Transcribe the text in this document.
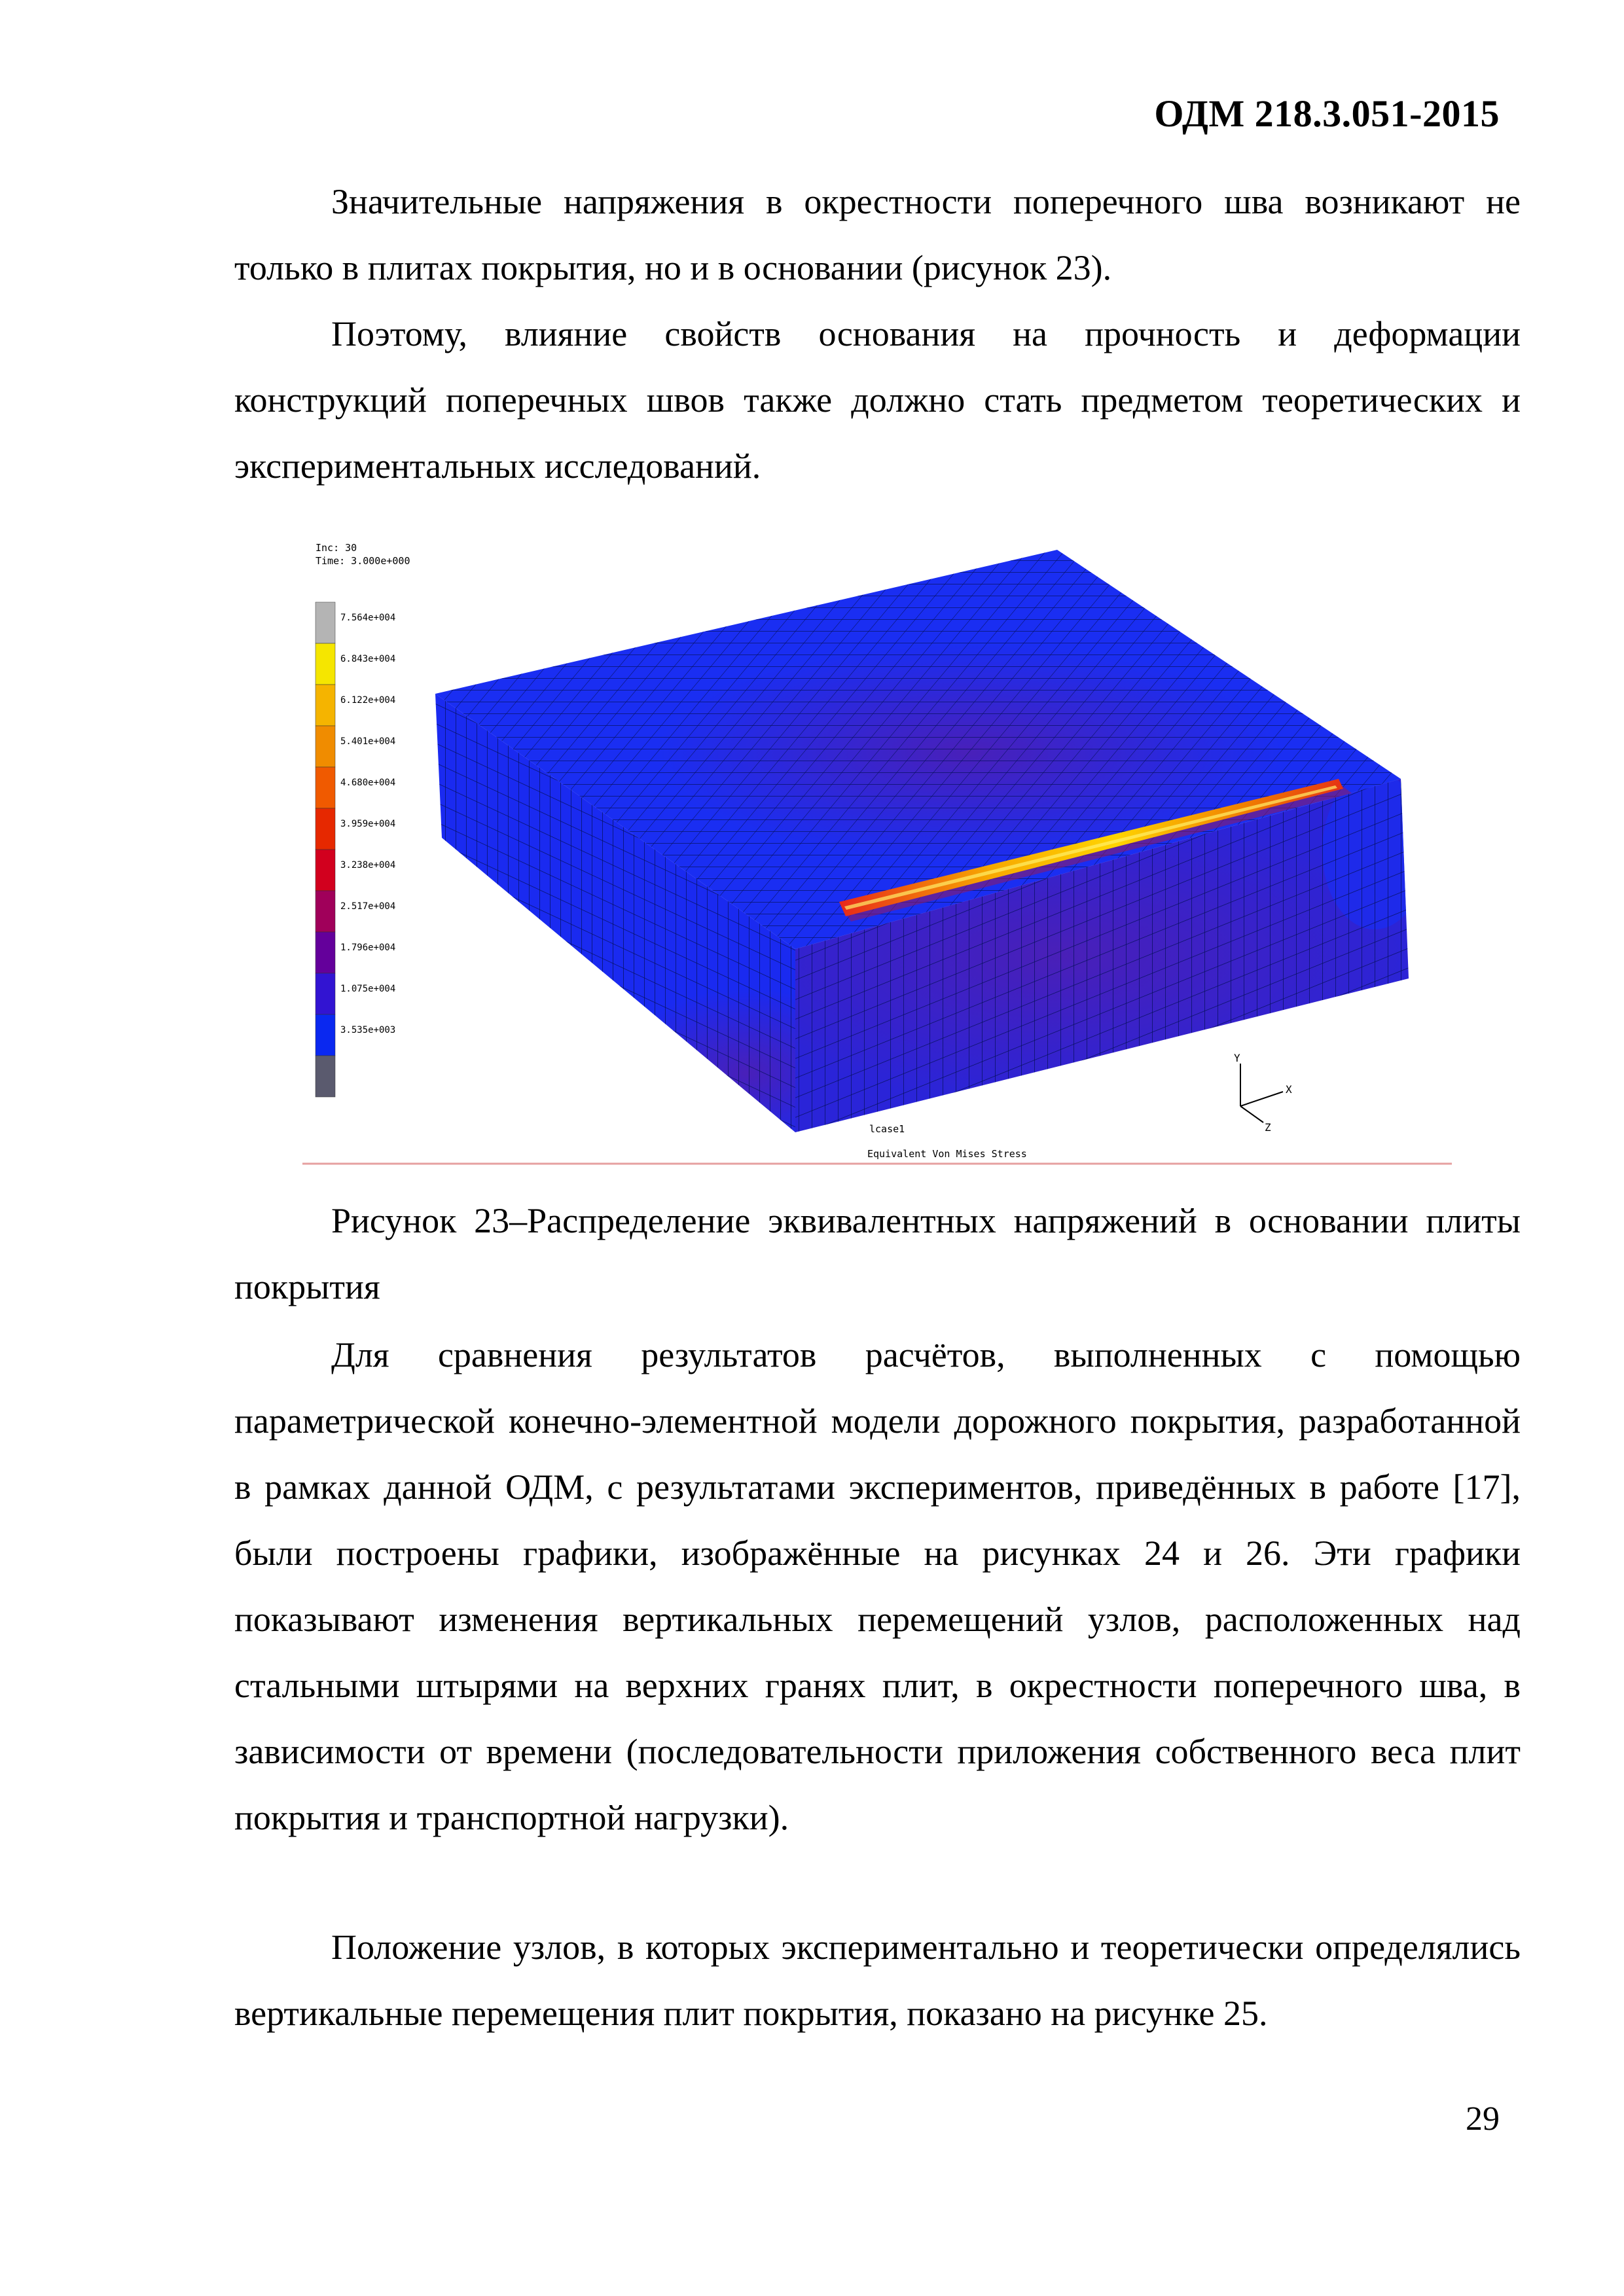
ОДМ 218.3.051-2015
Значительные напряжения в окрестности поперечного шва возникают не только в плитах покрытия, но и в основании (рисунок 23).
Поэтому, влияние свойств основания на прочность и деформации конструкций поперечных швов также должно стать предметом теоретических и экспериментальных исследований.
Inc: 30
Time: 3.000e+000
7.564e+004
6.843e+004
6.122e+004
5.401e+004
4.680e+004
3.959e+004
3.238e+004
2.517e+004
1.796e+004
1.075e+004
3.535e+003
Y
X
Z
lcase1
Equivalent Von Mises Stress
Рисунок 23–Распределение эквивалентных напряжений в основании плиты покрытия
Для сравнения результатов расчётов, выполненных с помощью параметрической конечно-элементной модели дорожного покрытия, разработанной в рамках данной ОДМ, с результатами экспериментов, приведённых в работе [17], были построены графики, изображённые на рисунках 24 и 26. Эти графики показывают изменения вертикальных перемещений узлов, расположенных над стальными штырями на верхних гранях плит, в окрестности поперечного шва, в зависимости от времени (последовательности приложения собственного веса плит покрытия и транспортной нагрузки).
Положение узлов, в которых экспериментально и теоретически определялись вертикальные перемещения плит покрытия, показано на рисунке 25.
29
